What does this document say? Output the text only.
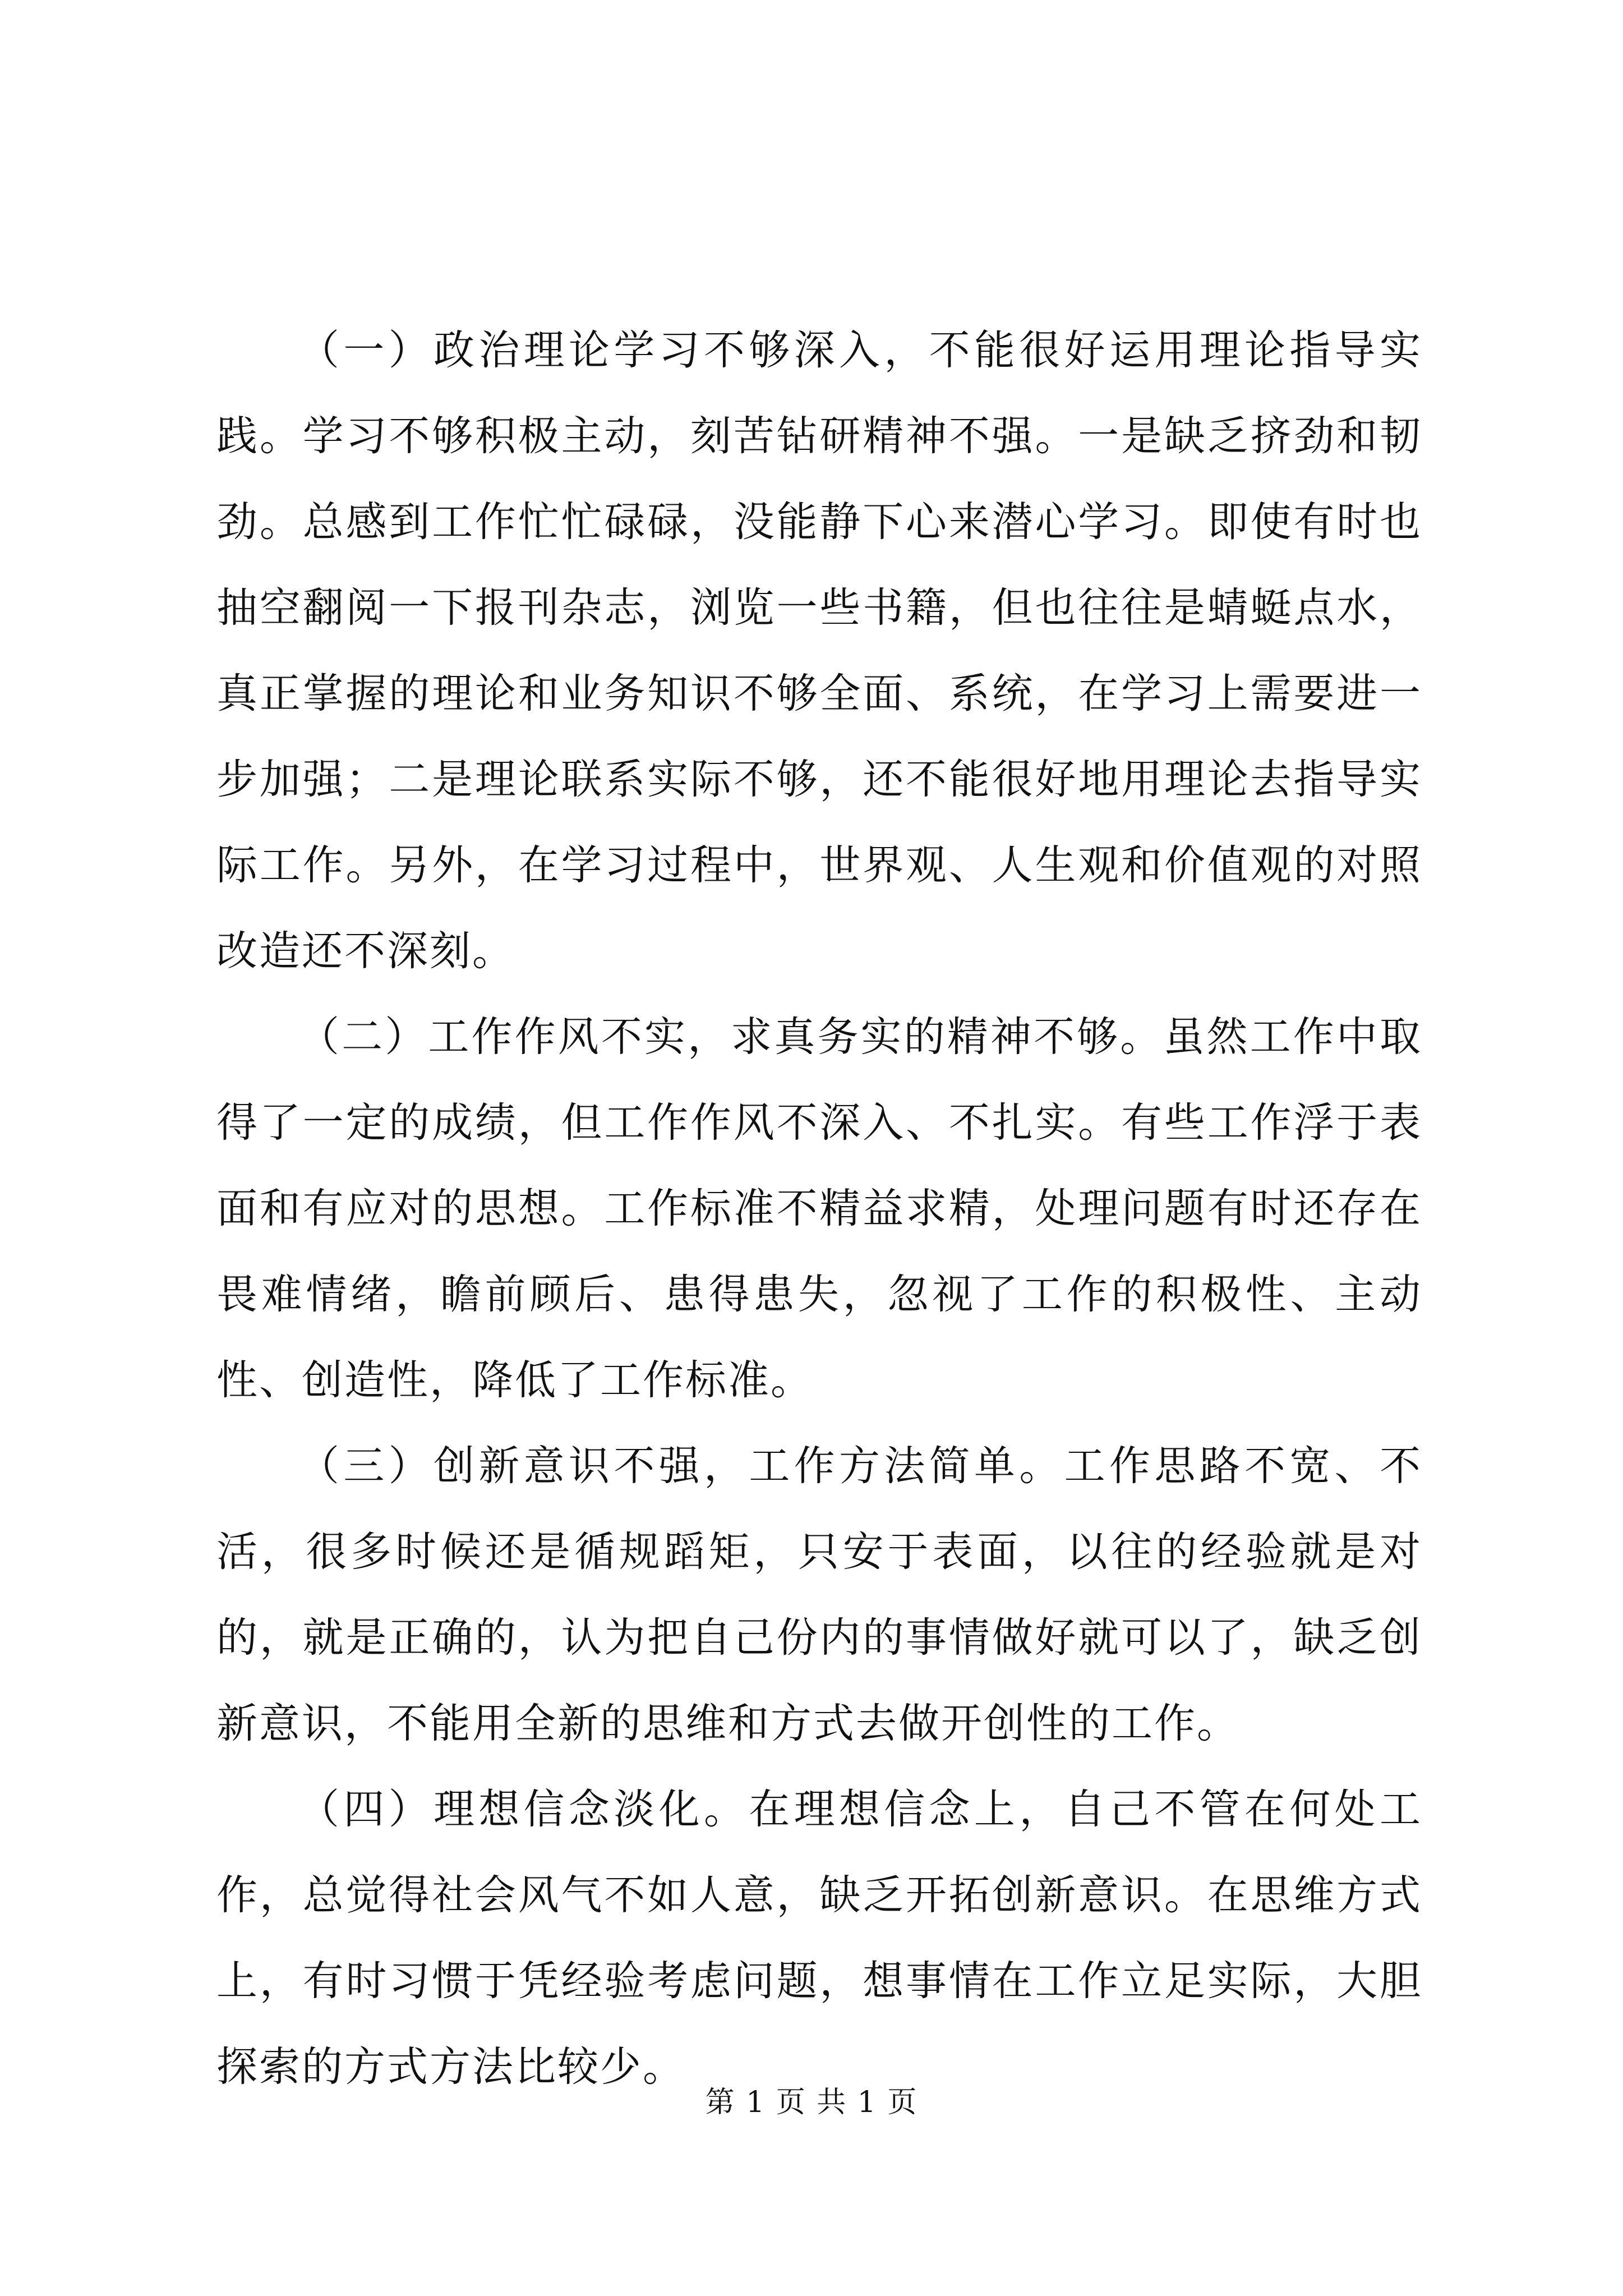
（一）政治理论学习不够深入，不能很好运用理论指导实践。学习不够积极主动，刻苦钻研精神不强。一是缺乏挤劲和韧劲。总感到工作忙忙碌碌，没能静下心来潜心学习。即使有时也抽空翻阅一下报刊杂志，浏览一些书籍，但也往往是蜻蜓点水，真正掌握的理论和业务知识不够全面、系统，在学习上需要进一步加强；二是理论联系实际不够，还不能很好地用理论去指导实际工作。另外，在学习过程中，世界观、人生观和价值观的对照改造还不深刻。

（二）工作作风不实，求真务实的精神不够。虽然工作中取得了一定的成绩，但工作作风不深入、不扎实。有些工作浮于表面和有应对的思想。工作标准不精益求精，处理问题有时还存在畏难情绪，瞻前顾后、患得患失，忽视了工作的积极性、主动性、创造性，降低了工作标准。

（三）创新意识不强，工作方法简单。工作思路不宽、不活，很多时候还是循规蹈矩，只安于表面，以往的经验就是对的，就是正确的，认为把自己份内的事情做好就可以了，缺乏创新意识，不能用全新的思维和方式去做开创性的工作。

（四）理想信念淡化。在理想信念上，自己不管在何处工作，总觉得社会风气不如人意，缺乏开拓创新意识。在思维方式上，有时习惯于凭经验考虑问题，想事情在工作立足实际，大胆探索的方式方法比较少。

第 1 页 共 1 页
